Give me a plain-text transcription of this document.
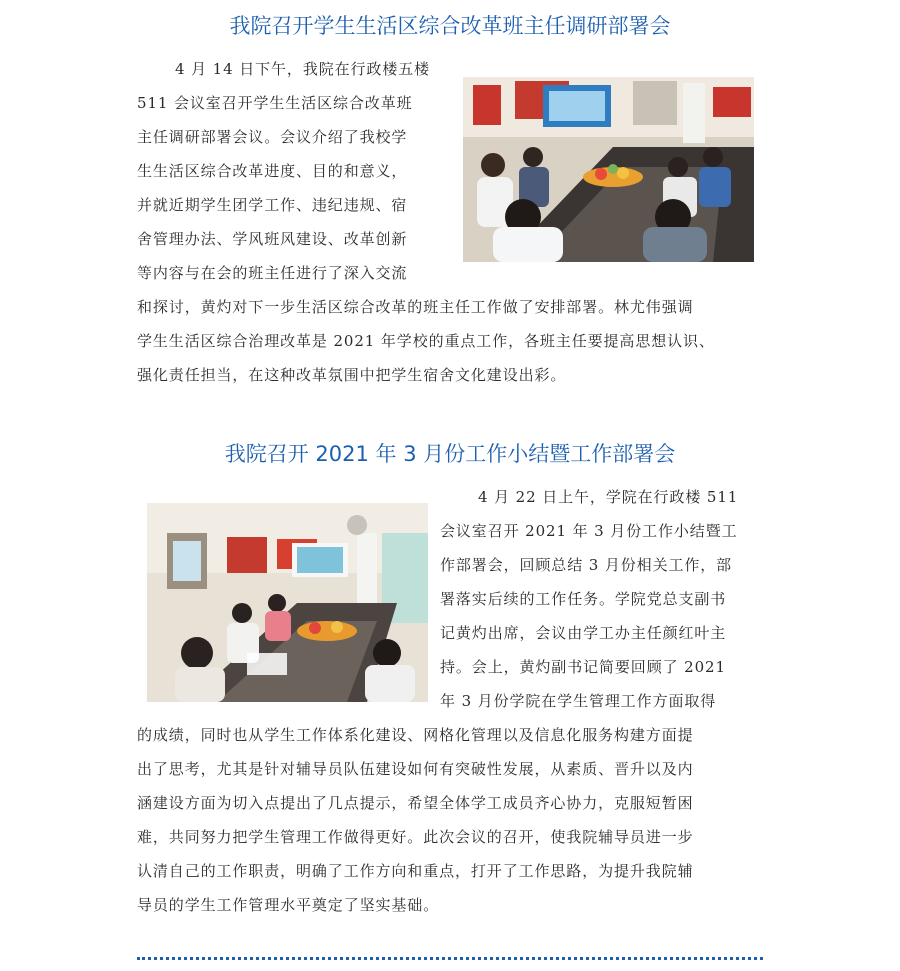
我院召开学生生活区综合改革班主任调研部署会
4 月 14 日下午，我院在行政楼五楼
511 会议室召开学生生活区综合改革班
主任调研部署会议。会议介绍了我校学
生生活区综合改革进度、目的和意义，
并就近期学生团学工作、违纪违规、宿
舍管理办法、学风班风建设、改革创新
等内容与在会的班主任进行了深入交流
和探讨，黄灼对下一步生活区综合改革的班主任工作做了安排部署。林尤伟强调
学生生活区综合治理改革是 2021 年学校的重点工作，各班主任要提高思想认识、
强化责任担当，在这种改革氛围中把学生宿舍文化建设出彩。
我院召开 2021 年 3 月份工作小结暨工作部署会
4 月 22 日上午，学院在行政楼 511
会议室召开 2021 年 3 月份工作小结暨工
作部署会，回顾总结 3 月份相关工作，部
署落实后续的工作任务。学院党总支副书
记黄灼出席，会议由学工办主任颜红叶主
持。会上，黄灼副书记简要回顾了 2021
年 3 月份学院在学生管理工作方面取得
的成绩，同时也从学生工作体系化建设、网格化管理以及信息化服务构建方面提
出了思考，尤其是针对辅导员队伍建设如何有突破性发展，从素质、晋升以及内
涵建设方面为切入点提出了几点提示，希望全体学工成员齐心协力，克服短暂困
难，共同努力把学生管理工作做得更好。此次会议的召开，使我院辅导员进一步
认清自己的工作职责，明确了工作方向和重点，打开了工作思路，为提升我院辅
导员的学生工作管理水平奠定了坚实基础。
